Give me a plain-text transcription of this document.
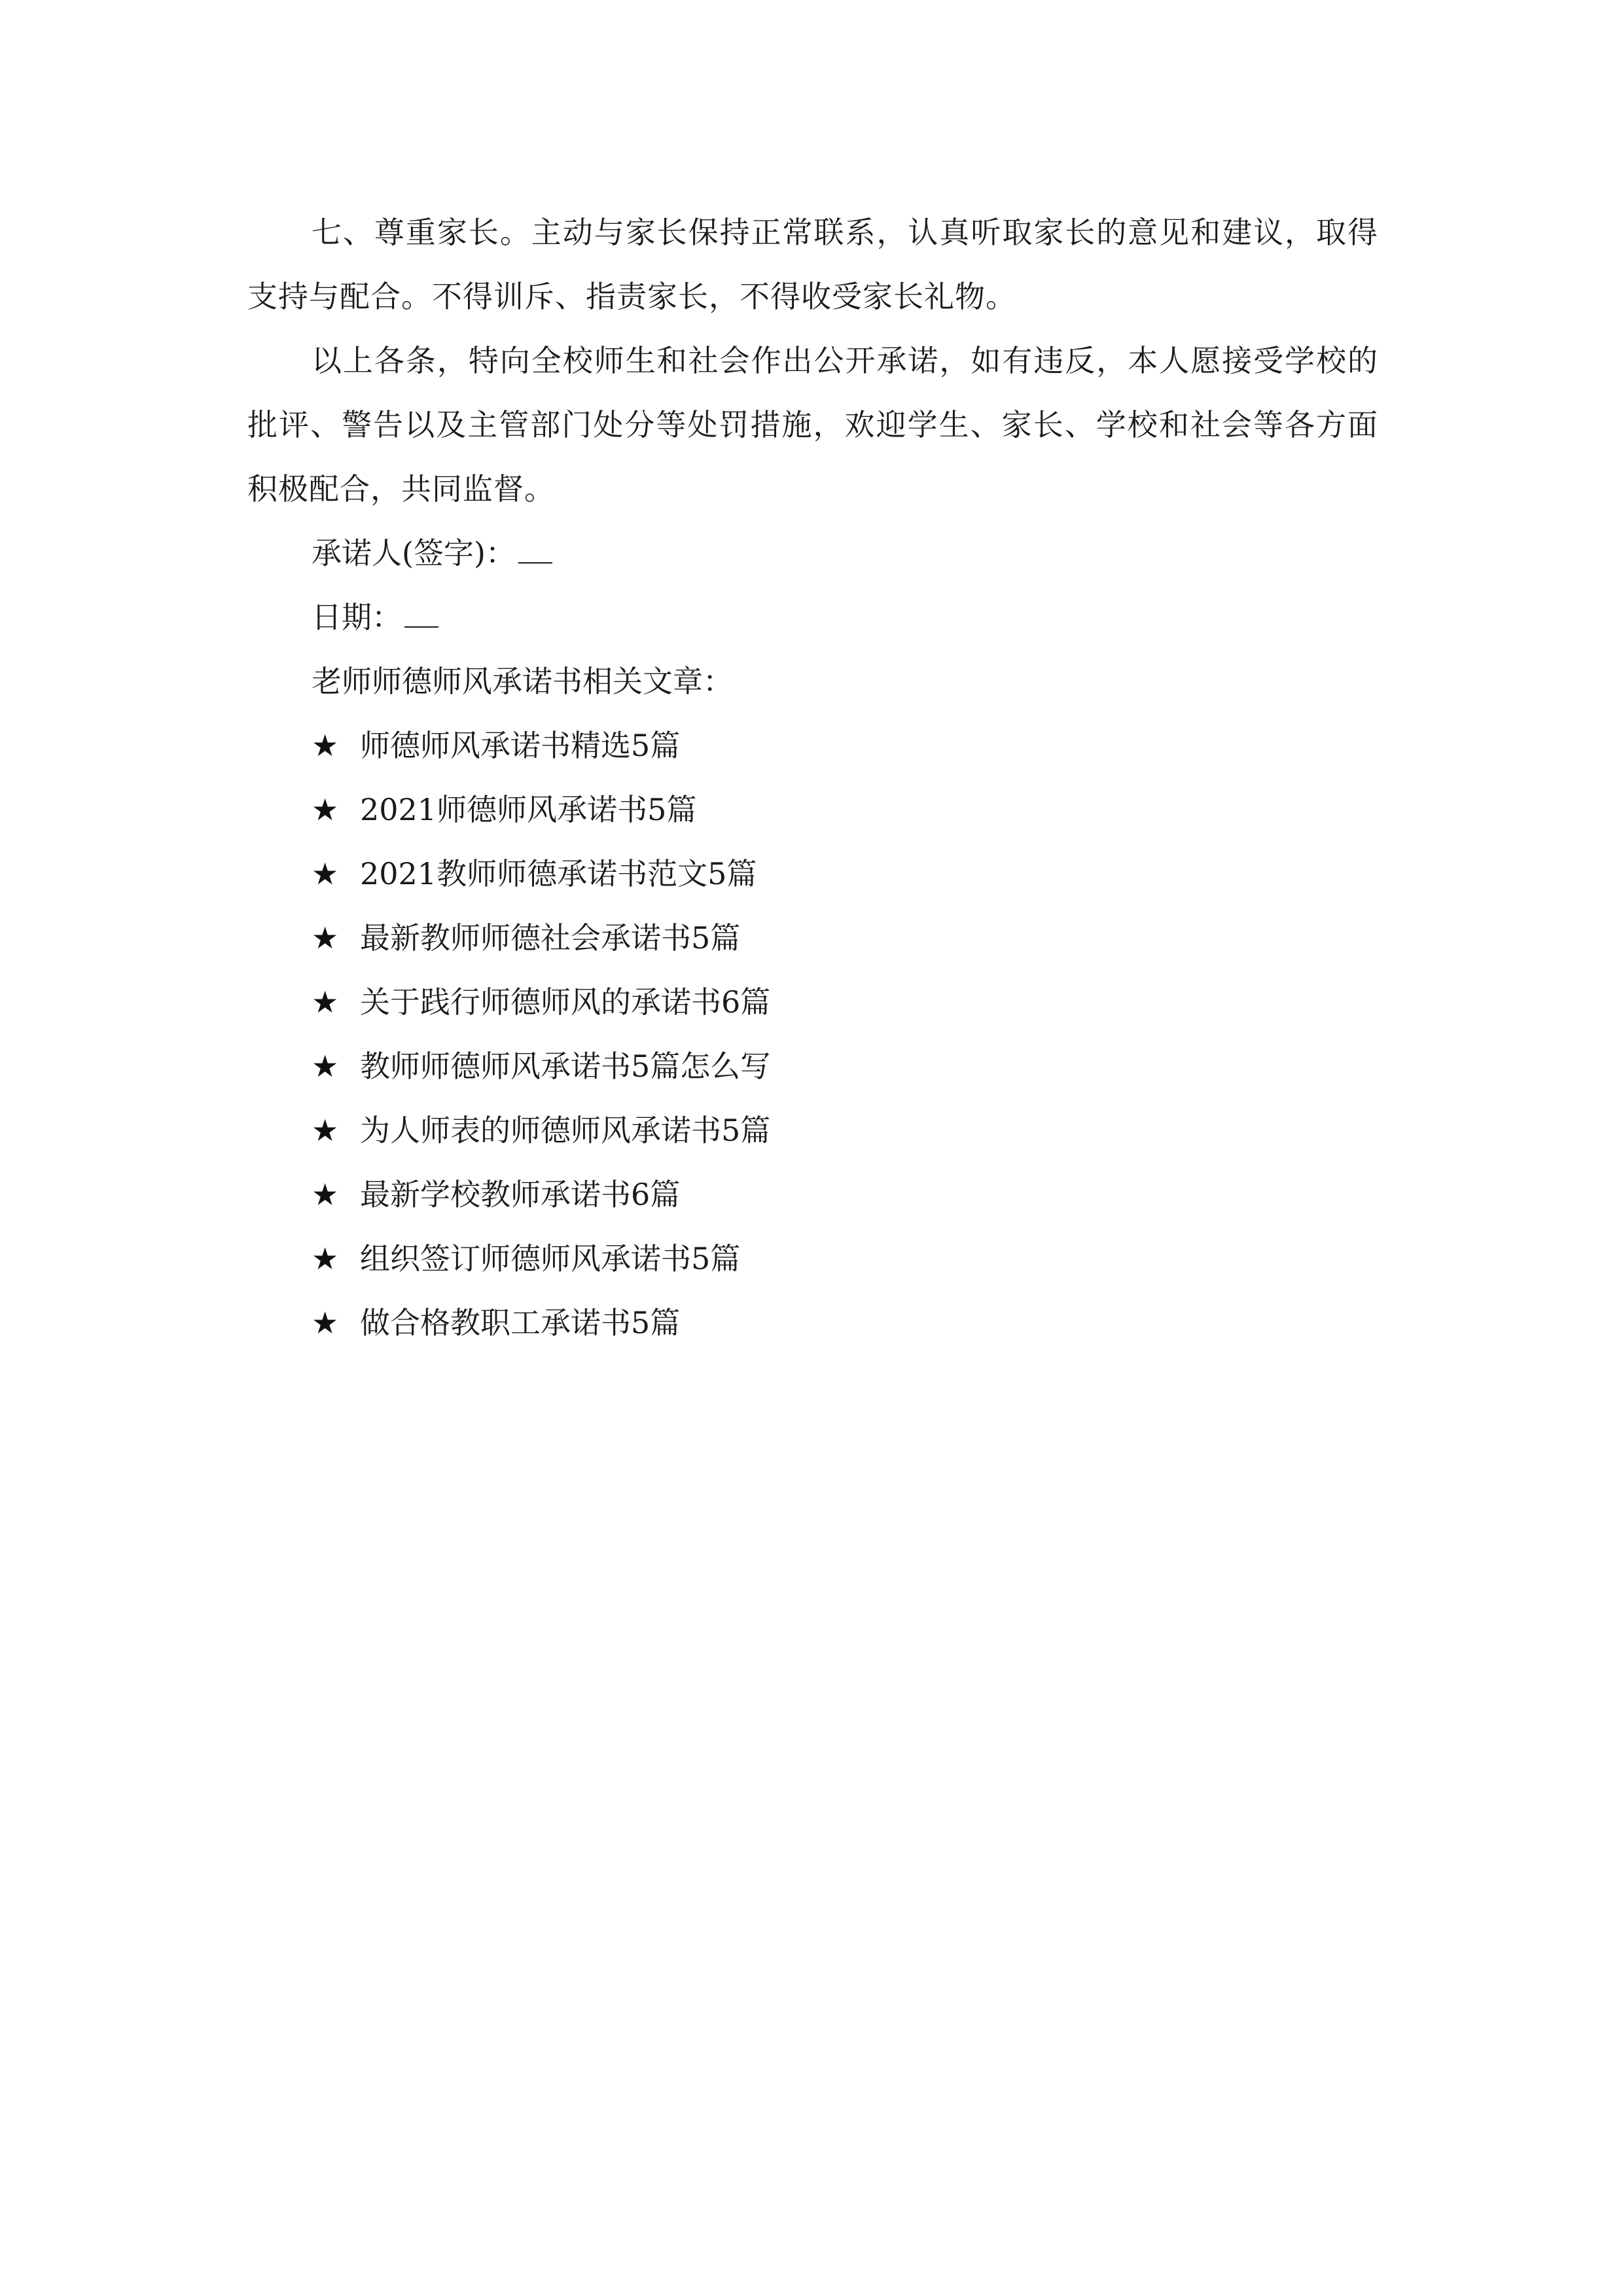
七、尊重家长。主动与家长保持正常联系，认真听取家长的意见和建议，取得支持与配合。不得训斥、指责家长，不得收受家长礼物。

以上各条，特向全校师生和社会作出公开承诺，如有违反，本人愿接受学校的批评、警告以及主管部门处分等处罚措施，欢迎学生、家长、学校和社会等各方面积极配合，共同监督。

承诺人(签字)：

日期：

老师师德师风承诺书相关文章：

★ 师德师风承诺书精选5篇
★ 2021师德师风承诺书5篇
★ 2021教师师德承诺书范文5篇
★ 最新教师师德社会承诺书5篇
★ 关于践行师德师风的承诺书6篇
★ 教师师德师风承诺书5篇怎么写
★ 为人师表的师德师风承诺书5篇
★ 最新学校教师承诺书6篇
★ 组织签订师德师风承诺书5篇
★ 做合格教职工承诺书5篇
